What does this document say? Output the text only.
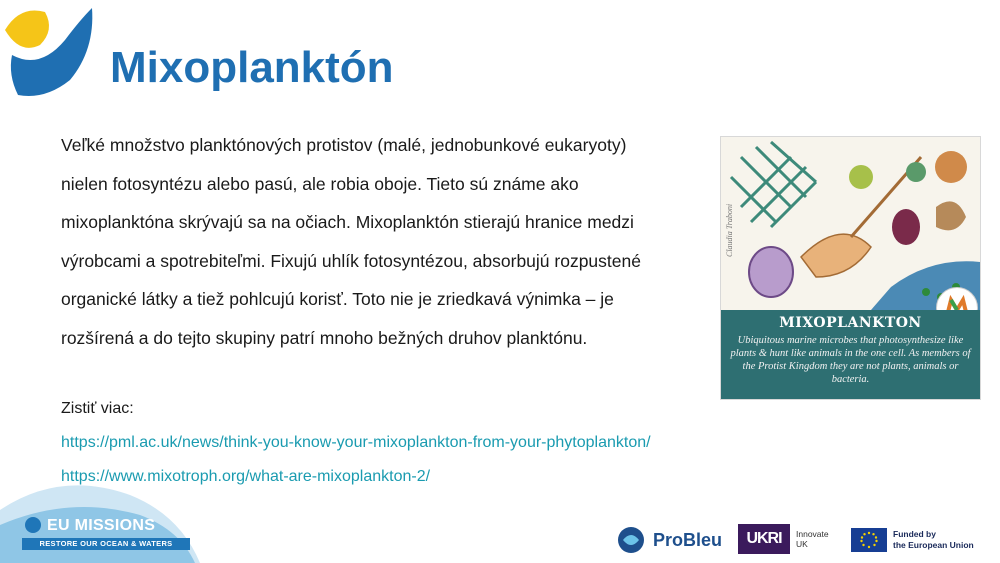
Mixoplanktón

Veľké množstvo planktónových protistov (malé, jednobunkové eukaryoty)

nielen fotosyntézu alebo pasú, ale robia oboje. Tieto sú známe ako

mixoplanktóna skrývajú sa na očiach. Mixoplanktón stierajú hranice medzi

výrobcami a spotrebiteľmi. Fixujú uhlík fotosyntézou, absorbujú rozpustené

organické látky a tiež pohlcujú korisť. Toto nie je zriedkavá výnimka – je

rozšírená a do tejto skupiny patrí mnoho bežných druhov planktónu.

Zistiť viac:
https://pml.ac.uk/news/think-you-know-your-mixoplankton-from-your-phytoplankton/
https://www.mixotroph.org/what-are-mixoplankton-2/
Claudia Traboni
MIXOPLANKTON
Ubiquitous marine microbes that photosynthesize like plants & hunt like animals in the one cell. As members of the Protist Kingdom they are not plants, animals or bacteria.
EU MISSIONS
RESTORE OUR OCEAN & WATERS	ProBleu	UKRI	Innovate UK
Funded by
the European Union
